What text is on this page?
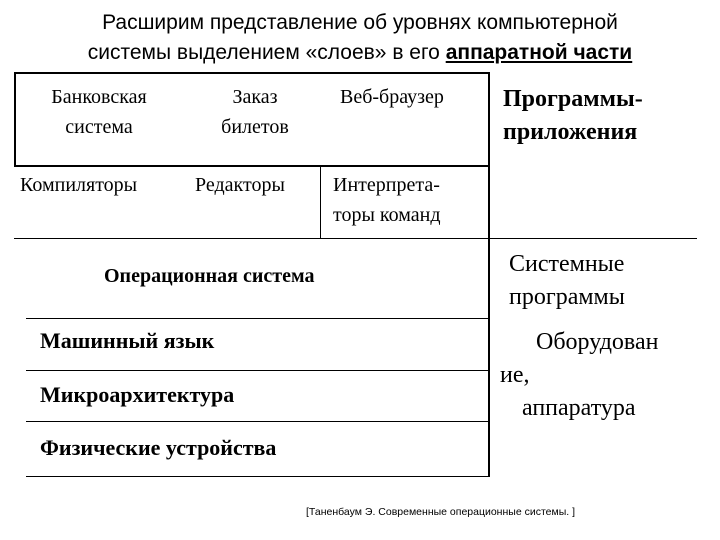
Расширим представление об уровнях компьютерной
системы выделением «слоев» в его аппаратной части
Банковская
система
Заказ
билетов
Веб-браузер
Компиляторы	Редакторы Интерпрета-
торы команд
Операционная система
Машинный язык
Микроархитектура
Физические устройства
Программы-
приложения
Системные
программы
Оборудован
ие,
аппаратура
[Таненбаум Э. Современные операционные системы. ]
